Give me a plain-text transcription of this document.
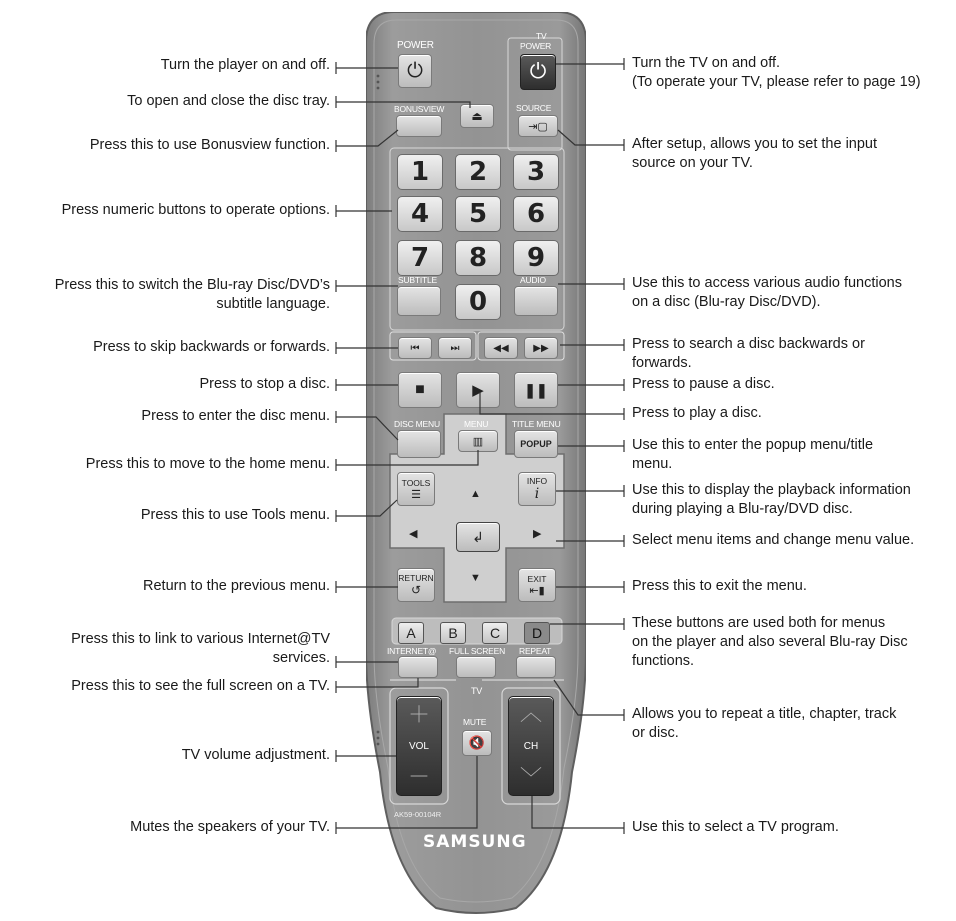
POWER
⏻
TV
POWER
⏻
BONUSVIEW ⏏
SOURCE
⇥▢
1	2	3
4	5	6
7	8	9
0
SUBTITLE	AUDIO
⏮	⏭	◀◀ ▶▶
■	▶	❚❚
DISC MENU	MENU
▥
TITLE MENU
POPUP
TOOLS
☰
INFO
i
▲
◀	▶
▼
↲
RETURN
↺
EXIT
⇤▮
A	B	C	D
INTERNET@ FULL SCREEN REPEAT
TV
＋
VOL
－
MUTE
🔇
︿
CH
﹀
AK59-00104R
SAMSUNG
Turn the player on and off.
To open and close the disc tray.
Press this to use Bonusview function.
Press numeric buttons to operate options.
Press this to switch the Blu-ray Disc/DVD’s
subtitle language.
Press to skip backwards or forwards.
Press to stop a disc.
Press to enter the disc menu.
Press this to move to the home menu.
Press this to use Tools menu.
Return to the previous menu.
Press this to link to various Internet@TV
services.
Press this to see the full screen on a TV.
TV volume adjustment.
Mutes the speakers of your TV.
Turn the TV on and off.
(To operate your TV, please refer to page 19)
After setup, allows you to set the input
source on your TV.
Use this to access various audio functions
on a disc (Blu-ray Disc/DVD).
Press to search a disc backwards or
forwards.
Press to pause a disc.
Press to play a disc.
Use this to enter the popup menu/title
menu.
Use this to display the playback information
during playing a Blu-ray/DVD disc.
Select menu items and change menu value.
Press this to exit the menu.
These buttons are used both for menus
on the player and also several Blu-ray Disc
functions.
Allows you to repeat a title, chapter, track
or disc.
Use this to select a TV program.
